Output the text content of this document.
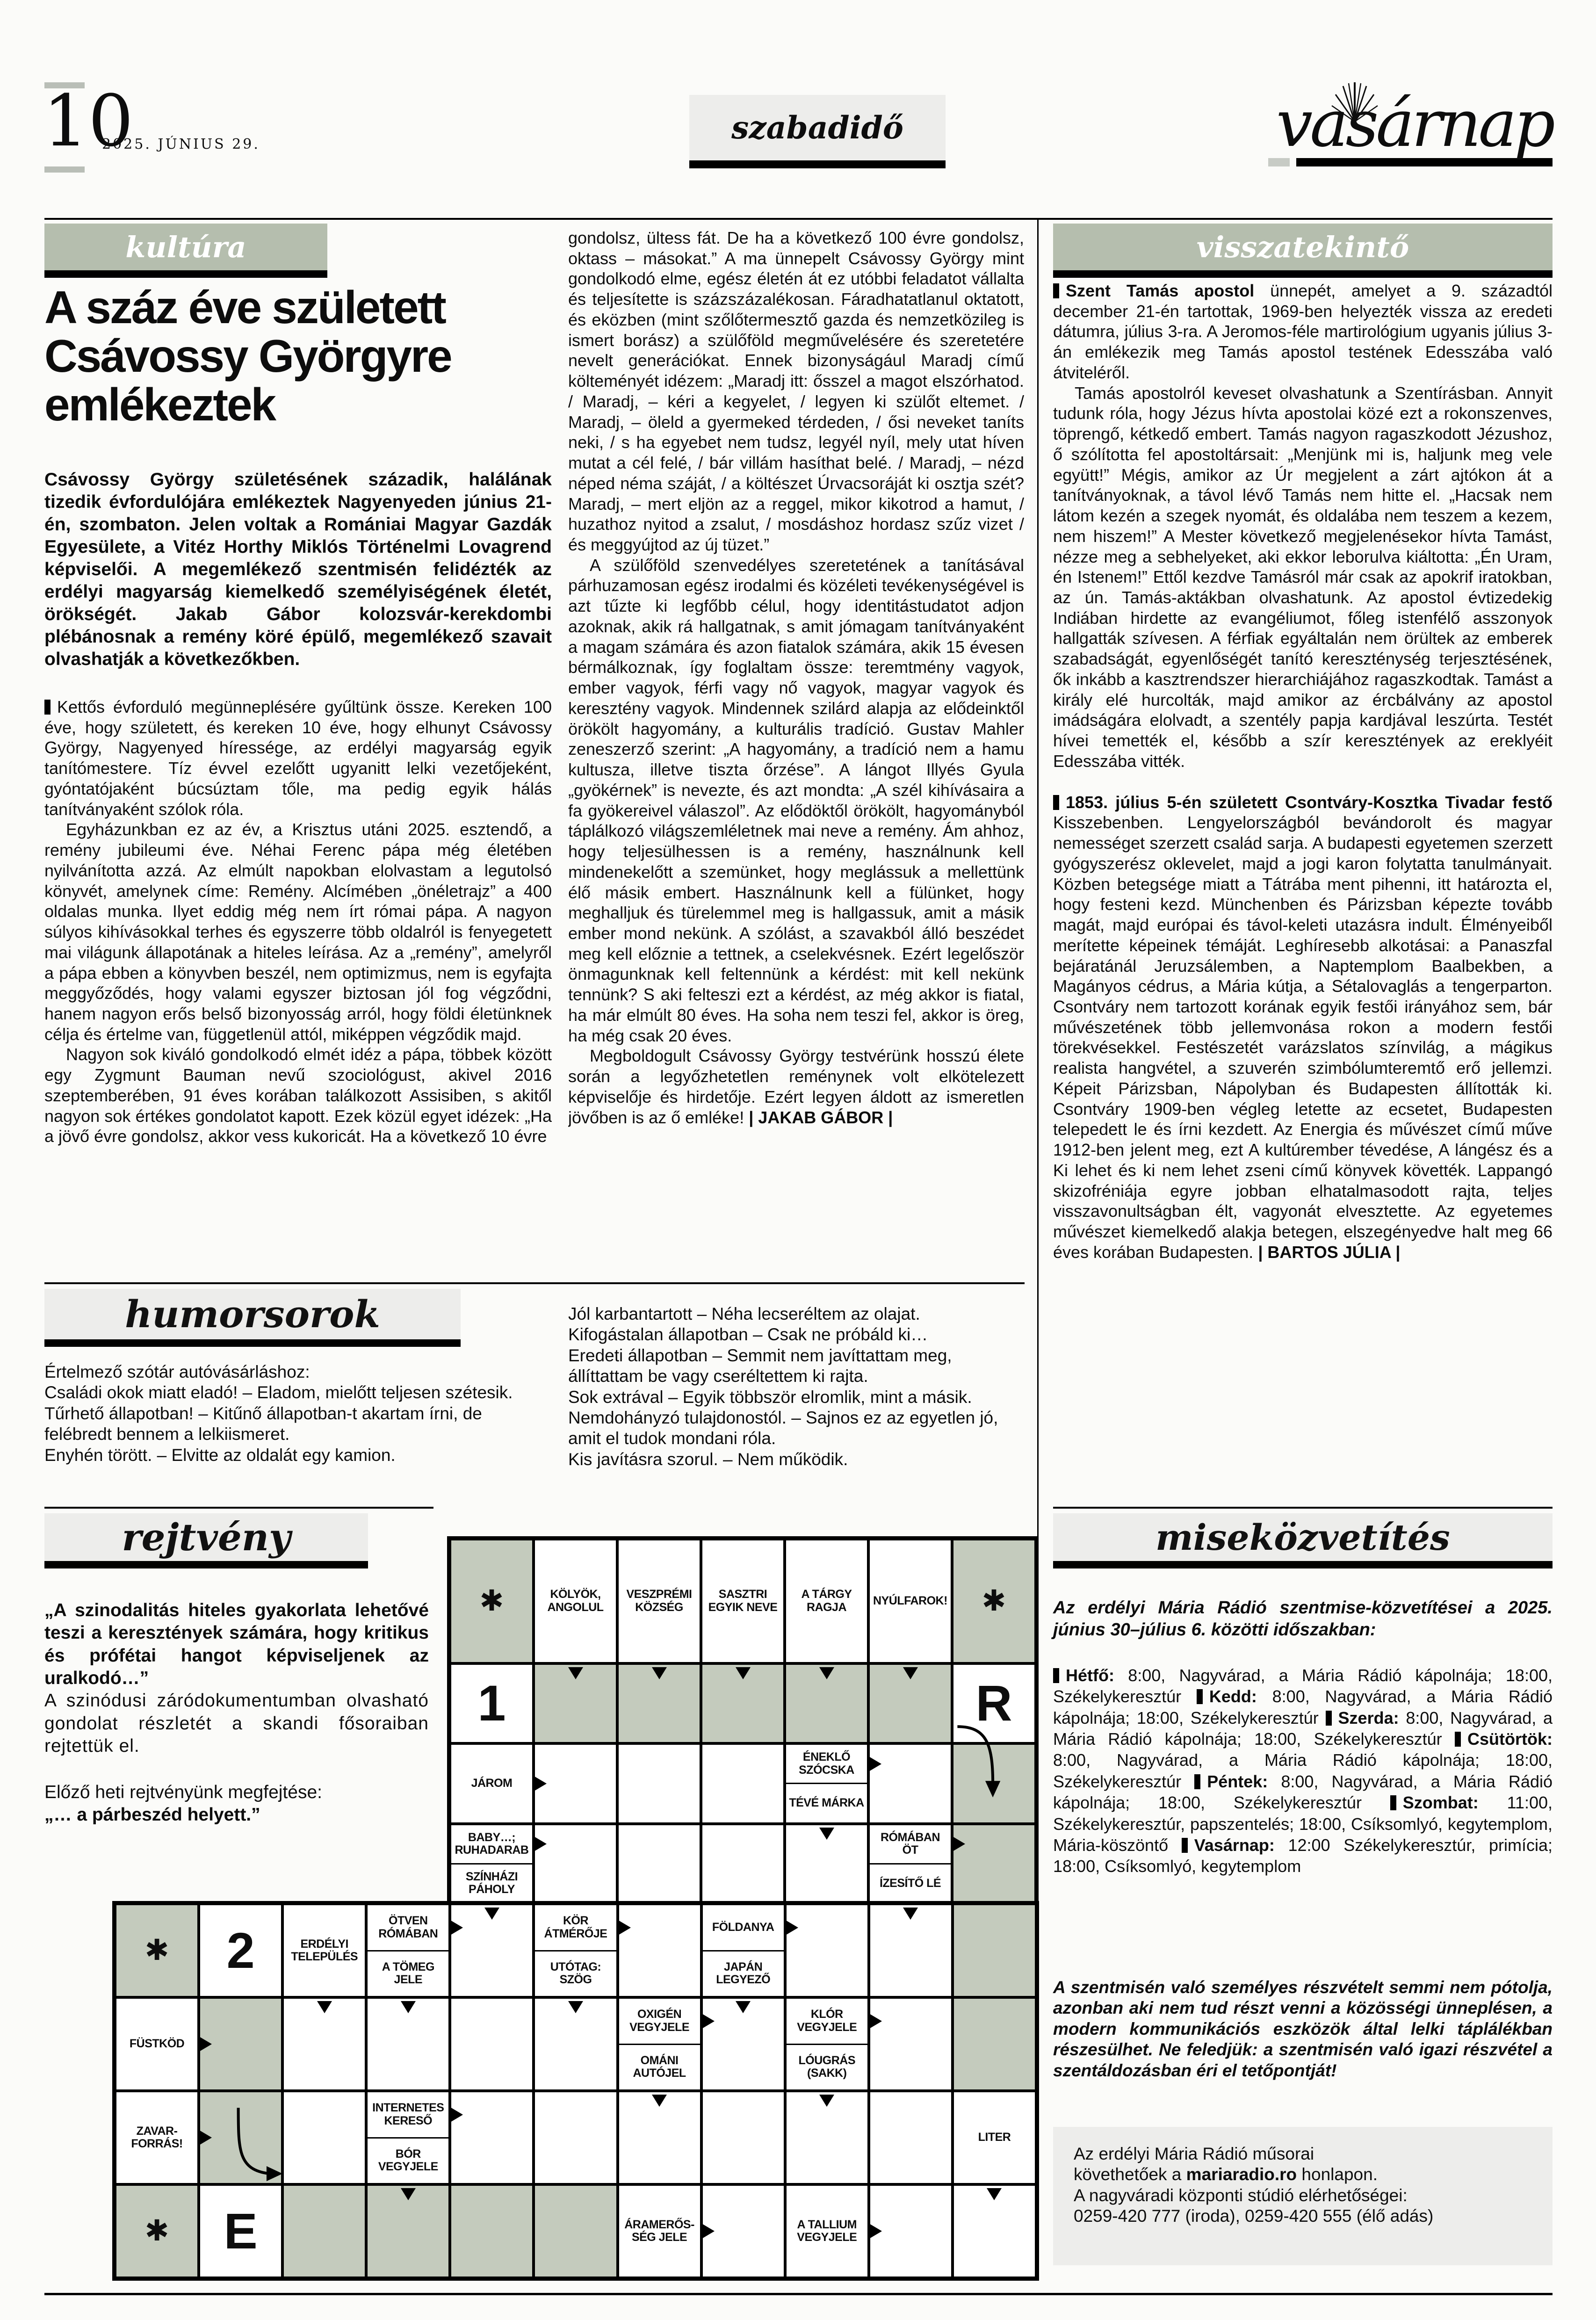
10
2025. JÚNIUS 29.	szabadidő	vasárnap
kultúra	visszatekintő
A száz éve született Csávossy Györgyre emlékeztek
Csávossy György születésének századik, halálának tizedik évfordulójára emlékeztek Nagyenyeden június 21-én, szombaton. Jelen voltak a Romániai Magyar Gazdák Egyesülete, a Vitéz Horthy Miklós Történelmi Lovagrend képviselői. A megemlékező szentmisén felidézték az erdélyi magyarság kiemelkedő személyiségének életét, örökségét. Jakab Gábor kolozsvár-kerekdombi plébánosnak a remény köré épülő, megemlékező szavait olvashatják a következőkben.
Kettős évforduló megünneplésére gyűltünk össze. Kereken 100 éve, hogy született, és kereken 10 éve, hogy elhunyt Csávossy György, Nagyenyed híressége, az erdélyi magyarság egyik tanítómestere. Tíz évvel ezelőtt ugyanitt lelki vezetőjeként, gyóntatójaként búcsúztam tőle, ma pedig egyik hálás tanítványaként szólok róla.
Egyházunkban ez az év, a Krisztus utáni 2025. esztendő, a remény jubileumi éve. Néhai Ferenc pápa még életében nyilvánította azzá. Az elmúlt napokban elolvastam a legutolsó könyvét, amelynek címe: Remény. Alcímében „önéletrajz” a 400 oldalas munka. Ilyet eddig még nem írt római pápa. A nagyon súlyos kihívásokkal terhes és egyszerre több oldalról is fenyegetett mai világunk állapotának a hiteles leírása. Az a „remény”, amelyről a pápa ebben a könyvben beszél, nem optimizmus, nem is egyfajta meggyőződés, hogy valami egyszer biztosan jól fog végződni, hanem nagyon erős belső bizonyosság arról, hogy földi életünknek célja és értelme van, függetlenül attól, miképpen végződik majd.
Nagyon sok kiváló gondolkodó elmét idéz a pápa, többek között egy Zygmunt Bauman nevű szociológust, akivel 2016 szeptemberében, 91 éves korában találkozott Assisiben, s akitől nagyon sok értékes gondolatot kapott. Ezek közül egyet idézek: „Ha a jövő évre gondolsz, akkor vess kukoricát. Ha a következő 10 évre
gondolsz, ültess fát. De ha a következő 100 évre gondolsz, oktass – másokat.” A ma ünnepelt Csávossy György mint gondolkodó elme, egész életén át ez utóbbi feladatot vállalta és teljesítette is százszázalékosan. Fáradhatatlanul oktatott, és eközben (mint szőlőtermesztő gazda és nemzetközileg is ismert borász) a szülőföld megművelésére és szeretetére nevelt generációkat. Ennek bizonyságául Maradj című költeményét idézem: „Maradj itt: ősszel a magot elszórhatod. / Maradj, – kéri a kegyelet, / legyen ki szülőt eltemet. / Maradj, – öleld a gyermeked térdeden, / ősi neveket taníts neki, / s ha egyebet nem tudsz, legyél nyíl, mely utat híven mutat a cél felé, / bár villám hasíthat belé. / Maradj, – nézd néped néma száját, / a költészet Úrvacsoráját ki osztja szét? Maradj, – mert eljön az a reggel, mikor kikotrod a hamut, / huzathoz nyitod a zsalut, / mosdáshoz hordasz szűz vizet / és meggyújtod az új tüzet.”
A szülőföld szenvedélyes szeretetének a tanításával párhuzamosan egész irodalmi és közéleti tevékenységével is azt tűzte ki legfőbb célul, hogy identitástudatot adjon azoknak, akik rá hallgatnak, s amit jómagam tanítványaként a magam számára és azon fiatalok számára, akik 15 évesen bérmálkoznak, így foglaltam össze: teremtmény vagyok, ember vagyok, férfi vagy nő vagyok, magyar vagyok és keresztény vagyok. Mindennek szilárd alapja az elődeinktől örökölt hagyomány, a kulturális tradíció. Gustav Mahler zeneszerző szerint: „A hagyomány, a tradíció nem a hamu kultusza, illetve tiszta őrzése”. A lángot Illyés Gyula „gyökérnek” is nevezte, és azt mondta: „A szél kihívásaira a fa gyökereivel válaszol”. Az elődöktől örökölt, hagyományból táplálkozó világszemléletnek mai neve a remény. Ám ahhoz, hogy teljesülhessen is a remény, használnunk kell mindenekelőtt a szemünket, hogy meglássuk a mellettünk élő másik embert. Használnunk kell a fülünket, hogy meghalljuk és türelemmel meg is hallgassuk, amit a másik ember mond nekünk. A szólást, a szavakból álló beszédet meg kell előznie a tettnek, a cselekvésnek. Ezért legelőször önmagunknak kell feltennünk a kérdést: mit kell nekünk tennünk? S aki felteszi ezt a kérdést, az még akkor is fiatal, ha már elmúlt 80 éves. Ha soha nem teszi fel, akkor is öreg, ha még csak 20 éves.
Megboldogult Csávossy György testvérünk hosszú élete során a legyőzhetetlen reménynek volt elkötelezett képviselője és hirdetője. Ezért legyen áldott az ismeretlen jövőben is az ő emléke! | JAKAB GÁBOR |
Szent Tamás apostol ünnepét, amelyet a 9. századtól december 21-én tartottak, 1969-ben helyezték vissza az eredeti dátumra, július 3-ra. A Jeromos-féle martirológium ugyanis július 3-án emlékezik meg Tamás apostol testének Edesszába való átviteléről.
Tamás apostolról keveset olvashatunk a Szentírásban. Annyit tudunk róla, hogy Jézus hívta apostolai közé ezt a rokonszenves, töprengő, kétkedő embert. Tamás nagyon ragaszkodott Jézushoz, ő szólította fel apostoltársait: „Menjünk mi is, haljunk meg vele együtt!” Mégis, amikor az Úr megjelent a zárt ajtókon át a tanítványoknak, a távol lévő Tamás nem hitte el. „Hacsak nem látom kezén a szegek nyomát, és oldalába nem teszem a kezem, nem hiszem!” A Mester következő megjelenésekor hívta Tamást, nézze meg a sebhelyeket, aki ekkor leborulva kiáltotta: „Én Uram, én Istenem!” Ettől kezdve Tamásról már csak az apokrif iratokban, az ún. Tamás-aktákban olvashatunk. Az apostol évtizedekig Indiában hirdette az evangéliumot, főleg istenfélő asszonyok hallgatták szívesen. A férfiak egyáltalán nem örültek az emberek szabadságát, egyenlőségét tanító kereszténység terjesztésének, ők inkább a kasztrendszer hierarchiájához ragaszkodtak. Tamást a király elé hurcolták, majd amikor az ércbálvány az apostol imádságára elolvadt, a szentély papja kardjával leszúrta. Testét hívei temették el, később a szír keresztények az ereklyéit Edesszába vitték.
1853. július 5-én született Csontváry-Kosztka Tivadar festő Kisszebenben. Lengyelországból bevándorolt és magyar nemességet szerzett család sarja. A budapesti egyetemen szerzett gyógyszerész oklevelet, majd a jogi karon folytatta tanulmányait. Közben betegsége miatt a Tátrába ment pihenni, itt határozta el, hogy festeni kezd. Münchenben és Párizsban képezte tovább magát, majd európai és távol-keleti utazásra indult. Élményeiből merítette képeinek témáját. Leghíresebb alkotásai: a Panaszfal bejáratánál Jeruzsálemben, a Naptemplom Baalbekben, a Magányos cédrus, a Mária kútja, a Sétalovaglás a tengerparton. Csontváry nem tartozott korának egyik festői irányához sem, bár művészetének több jellemvonása rokon a modern festői törekvésekkel. Festészetét varázslatos színvilág, a mágikus realista hangvétel, a szuverén szimbólumteremtő erő jellemzi. Képeit Párizsban, Nápolyban és Budapesten állították ki. Csontváry 1909-ben végleg letette az ecsetet, Budapesten telepedett le és írni kezdett. Az Energia és művészet című műve 1912-ben jelent meg, ezt A kultúrember tévedése, A lángész és a Ki lehet és ki nem lehet zseni című könyvek követték. Lappangó skizofréniája egyre jobban elhatalmasodott rajta, teljes visszavonultságban élt, vagyonát elvesztette. Az egyetemes művészet kiemelkedő alakja betegen, elszegényedve halt meg 66 éves korában Budapesten. | BARTOS JÚLIA |
humorsorok
Értelmező szótár autóvásárláshoz:
Családi okok miatt eladó! – Eladom, mielőtt teljesen szétesik.
Tűrhető állapotban! – Kitűnő állapotban-t akartam írni, de felébredt bennem a lelkiismeret.
Enyhén törött. – Elvitte az oldalát egy kamion.
Jól karbantartott – Néha lecseréltem az olajat.
Kifogástalan állapotban – Csak ne próbáld ki…
Eredeti állapotban – Semmit nem javíttattam meg, állíttattam be vagy cseréltettem ki rajta.
Sok extrával – Egyik többször elromlik, mint a másik.
Nemdohányzó tulajdonostól. – Sajnos ez az egyetlen jó, amit el tudok mondani róla.
Kis javításra szorul. – Nem működik.
rejtvény
„A szinodalitás hiteles gyakorlata lehetővé teszi a keresztények számára, hogy kritikus és prófétai hangot képviseljenek az uralkodó…”
A szinódusi záródokumentumban olvasható gondolat részletét a skandi fősoraiban rejtettük el.
Előző heti rejtvényünk megfejtése:
„… a párbeszéd helyett.”
✱	KÖLYÖK,
ANGOLUL
VESZPRÉMI
KÖZSÉG
SASZTRI
EGYIK NEVE
A TÁRGY
RAGJA	NYÚLFAROK! ✱
1	R
JÁROM
ÉNEKLŐ
SZÓCSKA
TÉVÉ MÁRKA
BABY…;
RUHADARAB
SZÍNHÁZI
PÁHOLY
RÓMÁBAN
ÖT
ÍZESÍTŐ LÉ
✱ 2	ERDÉLYI
TELEPÜLÉS
ÖTVEN
RÓMÁBAN
A TÖMEG
JELE
KÖR
ÁTMÉRŐJE
UTÓTAG:
SZÖG
FÖLDANYA
JAPÁN
LEGYEZŐ
FÜSTKÖD
OXIGÉN
VEGYJELE
OMÁNI
AUTÓJEL
KLÓR
VEGYJELE
LÓUGRÁS
(SAKK)
ZAVAR-
FORRÁS!
INTERNETES
KERESŐ
BÓR
VEGYJELE
LITER
✱ E	ÁRAMERŐS-
SÉG JELE
A TALLIUM
VEGYJELE
miseközvetítés
Az erdélyi Mária Rádió szentmise-közvetítései a 2025. június 30–július 6. közötti időszakban:
Hétfő: 8:00, Nagyvárad, a Mária Rádió kápolnája; 18:00, Székelykeresztúr Kedd: 8:00, Nagyvárad, a Mária Rádió kápolnája; 18:00, Székelykeresztúr Szerda: 8:00, Nagyvárad, a Mária Rádió kápolnája; 18:00, Székelykeresztúr Csütörtök: 8:00, Nagyvárad, a Mária Rádió kápolnája; 18:00, Székelykeresztúr Péntek: 8:00, Nagyvárad, a Mária Rádió kápolnája; 18:00, Székelykeresztúr Szombat: 11:00, Székelykeresztúr, papszentelés; 18:00, Csíksomlyó, kegytemplom, Mária-köszöntő Vasárnap: 12:00 Székelykeresztúr, primícia; 18:00, Csíksomlyó, kegytemplom
A szentmisén való személyes részvételt semmi nem pótolja, azonban aki nem tud részt venni a közösségi ünneplésen, a modern kommunikációs eszközök által lelki táplálékban részesülhet. Ne feledjük: a szentmisén való igazi részvétel a szentáldozásban éri el tetőpontját!
Az erdélyi Mária Rádió műsorai
követhetőek a mariaradio.ro honlapon.
A nagyváradi központi stúdió elérhetőségei:
0259-420 777 (iroda), 0259-420 555 (élő adás)
